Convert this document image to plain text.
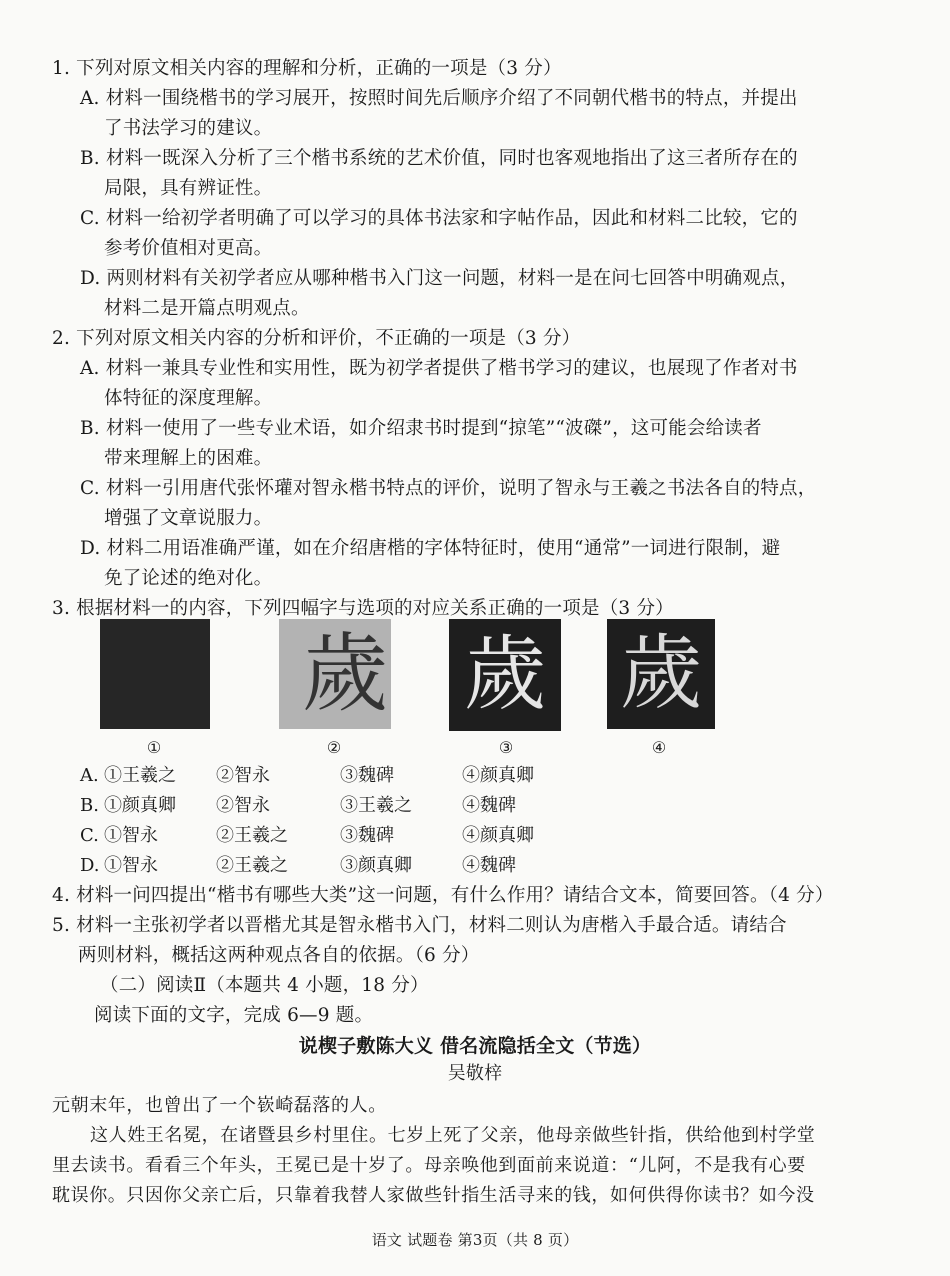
1. 下列对原文相关内容的理解和分析，正确的一项是（3 分）
A. 材料一围绕楷书的学习展开，按照时间先后顺序介绍了不同朝代楷书的特点，并提出
了书法学习的建议。
B. 材料一既深入分析了三个楷书系统的艺术价值，同时也客观地指出了这三者所存在的
局限，具有辨证性。
C. 材料一给初学者明确了可以学习的具体书法家和字帖作品，因此和材料二比较，它的
参考价值相对更高。
D. 两则材料有关初学者应从哪种楷书入门这一问题，材料一是在问七回答中明确观点，
材料二是开篇点明观点。
2. 下列对原文相关内容的分析和评价，不正确的一项是（3 分）
A. 材料一兼具专业性和实用性，既为初学者提供了楷书学习的建议，也展现了作者对书
体特征的深度理解。
B. 材料一使用了一些专业术语，如介绍隶书时提到“掠笔”“波磔”，这可能会给读者
带来理解上的困难。
C. 材料一引用唐代张怀瓘对智永楷书特点的评价，说明了智永与王羲之书法各自的特点，
增强了文章说服力。
D. 材料二用语准确严谨，如在介绍唐楷的字体特征时，使用“通常”一词进行限制，避
免了论述的绝对化。
3. 根据材料一的内容，下列四幅字与选项的对应关系正确的一项是（3 分）
歲 歲 歲
①	②	③	④
A. ①王羲之 ②智永	③魏碑	④颜真卿
B. ①颜真卿 ②智永	③王羲之	④魏碑
C. ①智永	②王羲之	③魏碑	④颜真卿
D. ①智永	②王羲之	③颜真卿	④魏碑
4. 材料一问四提出“楷书有哪些大类”这一问题，有什么作用？请结合文本，简要回答。（4 分）
5. 材料一主张初学者以晋楷尤其是智永楷书入门，材料二则认为唐楷入手最合适。请结合
两则材料，概括这两种观点各自的依据。（6 分）
（二）阅读Ⅱ（本题共 4 小题，18 分）
阅读下面的文字，完成 6—9 题。
说楔子敷陈大义 借名流隐括全文（节选）
吴敬梓
元朝末年，也曾出了一个嵚崎磊落的人。
这人姓王名冕，在诸暨县乡村里住。七岁上死了父亲，他母亲做些针指，供给他到村学堂
里去读书。看看三个年头，王冕已是十岁了。母亲唤他到面前来说道：“儿阿，不是我有心要
耽误你。只因你父亲亡后，只靠着我替人家做些针指生活寻来的钱，如何供得你读书？如今没
语文 试题卷 第3页（共 8 页）
